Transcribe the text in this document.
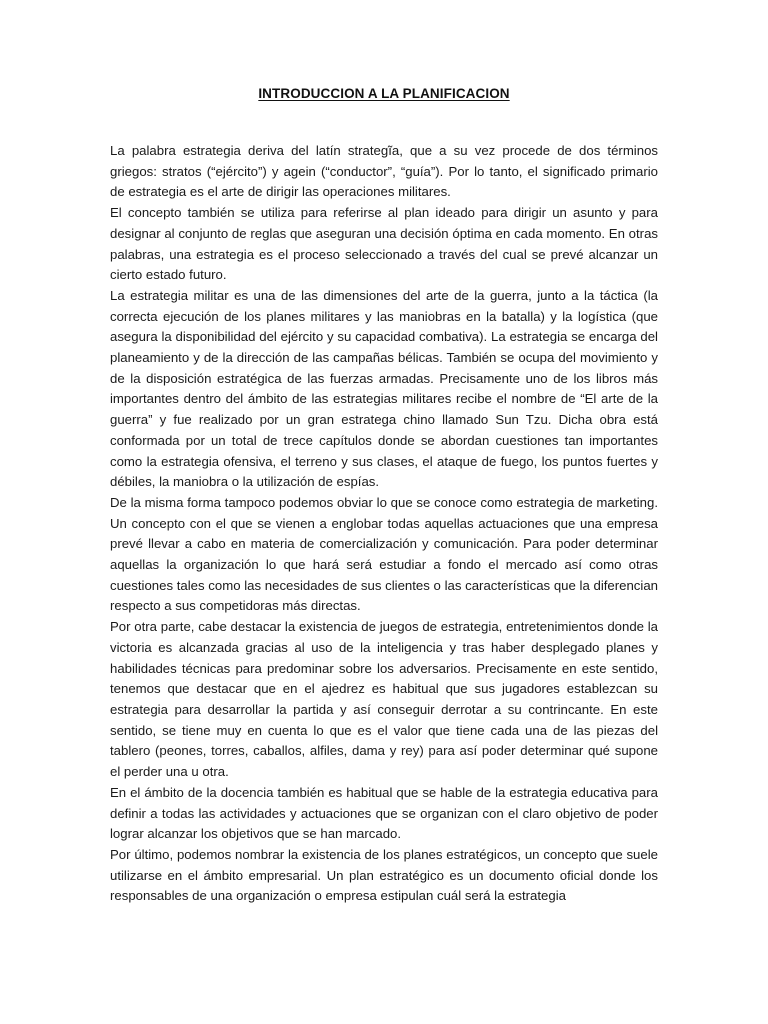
INTRODUCCION A LA PLANIFICACION

La palabra estrategia deriva del latín strategĩa, que a su vez procede de dos términos griegos: stratos (“ejército”) y agein (“conductor”, “guía”). Por lo tanto, el significado primario de estrategia es el arte de dirigir las operaciones militares.

El concepto también se utiliza para referirse al plan ideado para dirigir un asunto y para designar al conjunto de reglas que aseguran una decisión óptima en cada momento. En otras palabras, una estrategia es el proceso seleccionado a través del cual se prevé alcanzar un cierto estado futuro.

La estrategia militar es una de las dimensiones del arte de la guerra, junto a la táctica (la correcta ejecución de los planes militares y las maniobras en la batalla) y la logística (que asegura la disponibilidad del ejército y su capacidad combativa). La estrategia se encarga del planeamiento y de la dirección de las campañas bélicas. También se ocupa del movimiento y de la disposición estratégica de las fuerzas armadas. Precisamente uno de los libros más importantes dentro del ámbito de las estrategias militares recibe el nombre de “El arte de la guerra” y fue realizado por un gran estratega chino llamado Sun Tzu. Dicha obra está conformada por un total de trece capítulos donde se abordan cuestiones tan importantes como la estrategia ofensiva, el terreno y sus clases, el ataque de fuego, los puntos fuertes y débiles, la maniobra o la utilización de espías.

De la misma forma tampoco podemos obviar lo que se conoce como estrategia de marketing. Un concepto con el que se vienen a englobar todas aquellas actuaciones que una empresa prevé llevar a cabo en materia de comercialización y comunicación. Para poder determinar aquellas la organización lo que hará será estudiar a fondo el mercado así como otras cuestiones tales como las necesidades de sus clientes o las características que la diferencian respecto a sus competidoras más directas.

Por otra parte, cabe destacar la existencia de juegos de estrategia, entretenimientos donde la victoria es alcanzada gracias al uso de la inteligencia y tras haber desplegado planes y habilidades técnicas para predominar sobre los adversarios. Precisamente en este sentido, tenemos que destacar que en el ajedrez es habitual que sus jugadores establezcan su estrategia para desarrollar la partida y así conseguir derrotar a su contrincante. En este sentido, se tiene muy en cuenta lo que es el valor que tiene cada una de las piezas del tablero (peones, torres, caballos, alfiles, dama y rey) para así poder determinar qué supone el perder una u otra.

En el ámbito de la docencia también es habitual que se hable de la estrategia educativa para definir a todas las actividades y actuaciones que se organizan con el claro objetivo de poder lograr alcanzar los objetivos que se han marcado.

Por último, podemos nombrar la existencia de los planes estratégicos, un concepto que suele utilizarse en el ámbito empresarial. Un plan estratégico es un documento oficial donde los responsables de una organización o empresa estipulan cuál será la estrategia
